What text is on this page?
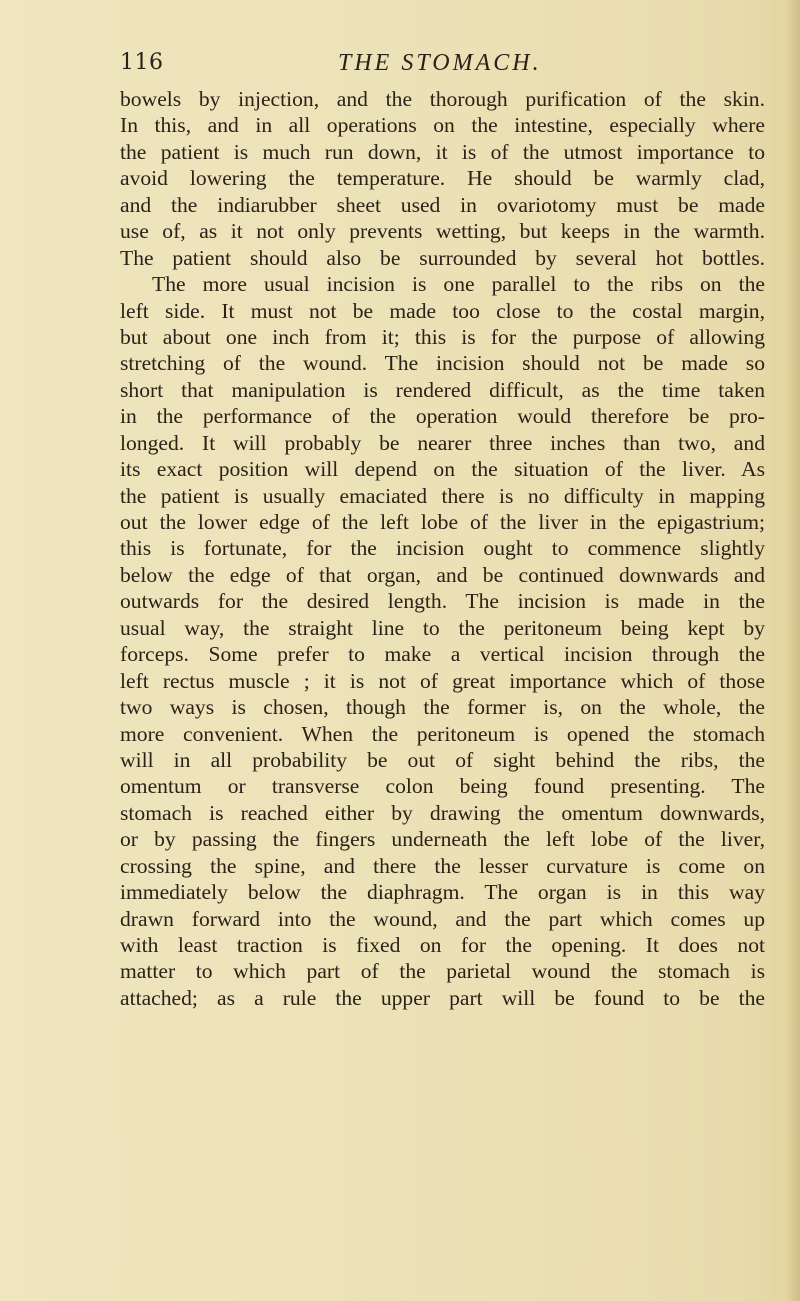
116	THE STOMACH.
bowels by injection, and the thorough purification of the skin.
In this, and in all operations on the intestine, especially where
the patient is much run down, it is of the utmost importance to
avoid lowering the temperature. He should be warmly clad,
and the indiarubber sheet used in ovariotomy must be made
use of, as it not only prevents wetting, but keeps in the warmth.
The patient should also be surrounded by several hot bottles.
The more usual incision is one parallel to the ribs on the
left side. It must not be made too close to the costal margin,
but about one inch from it; this is for the purpose of allowing
stretching of the wound. The incision should not be made so
short that manipulation is rendered difficult, as the time taken
in the performance of the operation would therefore be pro-
longed. It will probably be nearer three inches than two, and
its exact position will depend on the situation of the liver. As
the patient is usually emaciated there is no difficulty in mapping
out the lower edge of the left lobe of the liver in the epigastrium;
this is fortunate, for the incision ought to commence slightly
below the edge of that organ, and be continued downwards and
outwards for the desired length. The incision is made in the
usual way, the straight line to the peritoneum being kept by
forceps. Some prefer to make a vertical incision through the
left rectus muscle ; it is not of great importance which of those
two ways is chosen, though the former is, on the whole, the
more convenient. When the peritoneum is opened the stomach
will in all probability be out of sight behind the ribs, the
omentum or transverse colon being found presenting. The
stomach is reached either by drawing the omentum downwards,
or by passing the fingers underneath the left lobe of the liver,
crossing the spine, and there the lesser curvature is come on
immediately below the diaphragm. The organ is in this way
drawn forward into the wound, and the part which comes up
with least traction is fixed on for the opening. It does not
matter to which part of the parietal wound the stomach is
attached; as a rule the upper part will be found to be the
